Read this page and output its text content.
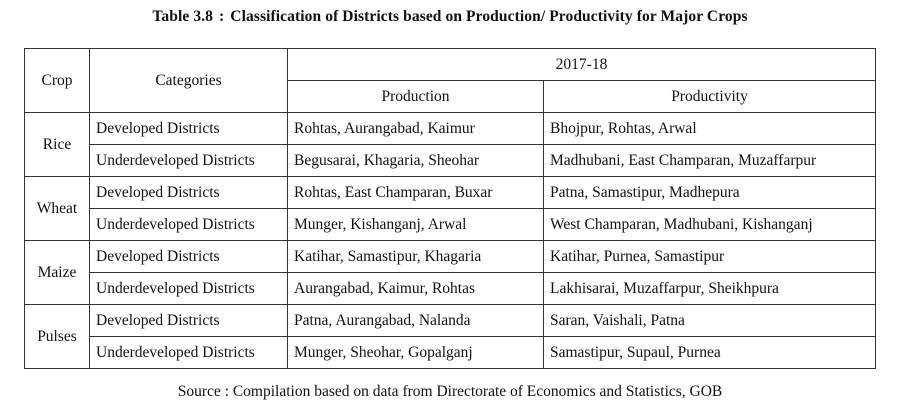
Table 3.8 : Classification of Districts based on Production/ Productivity for Major Crops
Crop	Categories	2017-18	
		Production	Productivity
Rice	Developed Districts	Rohtas, Aurangabad, Kaimur	Bhojpur, Rohtas, Arwal
	Underdeveloped Districts	Begusarai, Khagaria, Sheohar	Madhubani, East Champaran, Muzaffarpur
Wheat	Developed Districts	Rohtas, East Champaran, Buxar	Patna, Samastipur, Madhepura
	Underdeveloped Districts	Munger, Kishanganj, Arwal	West Champaran, Madhubani, Kishanganj
Maize	Developed Districts	Katihar, Samastipur, Khagaria	Katihar, Purnea, Samastipur
	Underdeveloped Districts	Aurangabad, Kaimur, Rohtas	Lakhisarai, Muzaffarpur, Sheikhpura
Pulses	Developed Districts	Patna, Aurangabad, Nalanda	Saran, Vaishali, Patna
	Underdeveloped Districts	Munger, Sheohar, Gopalganj	Samastipur, Supaul, Purnea
Source : Compilation based on data from Directorate of Economics and Statistics, GOB
